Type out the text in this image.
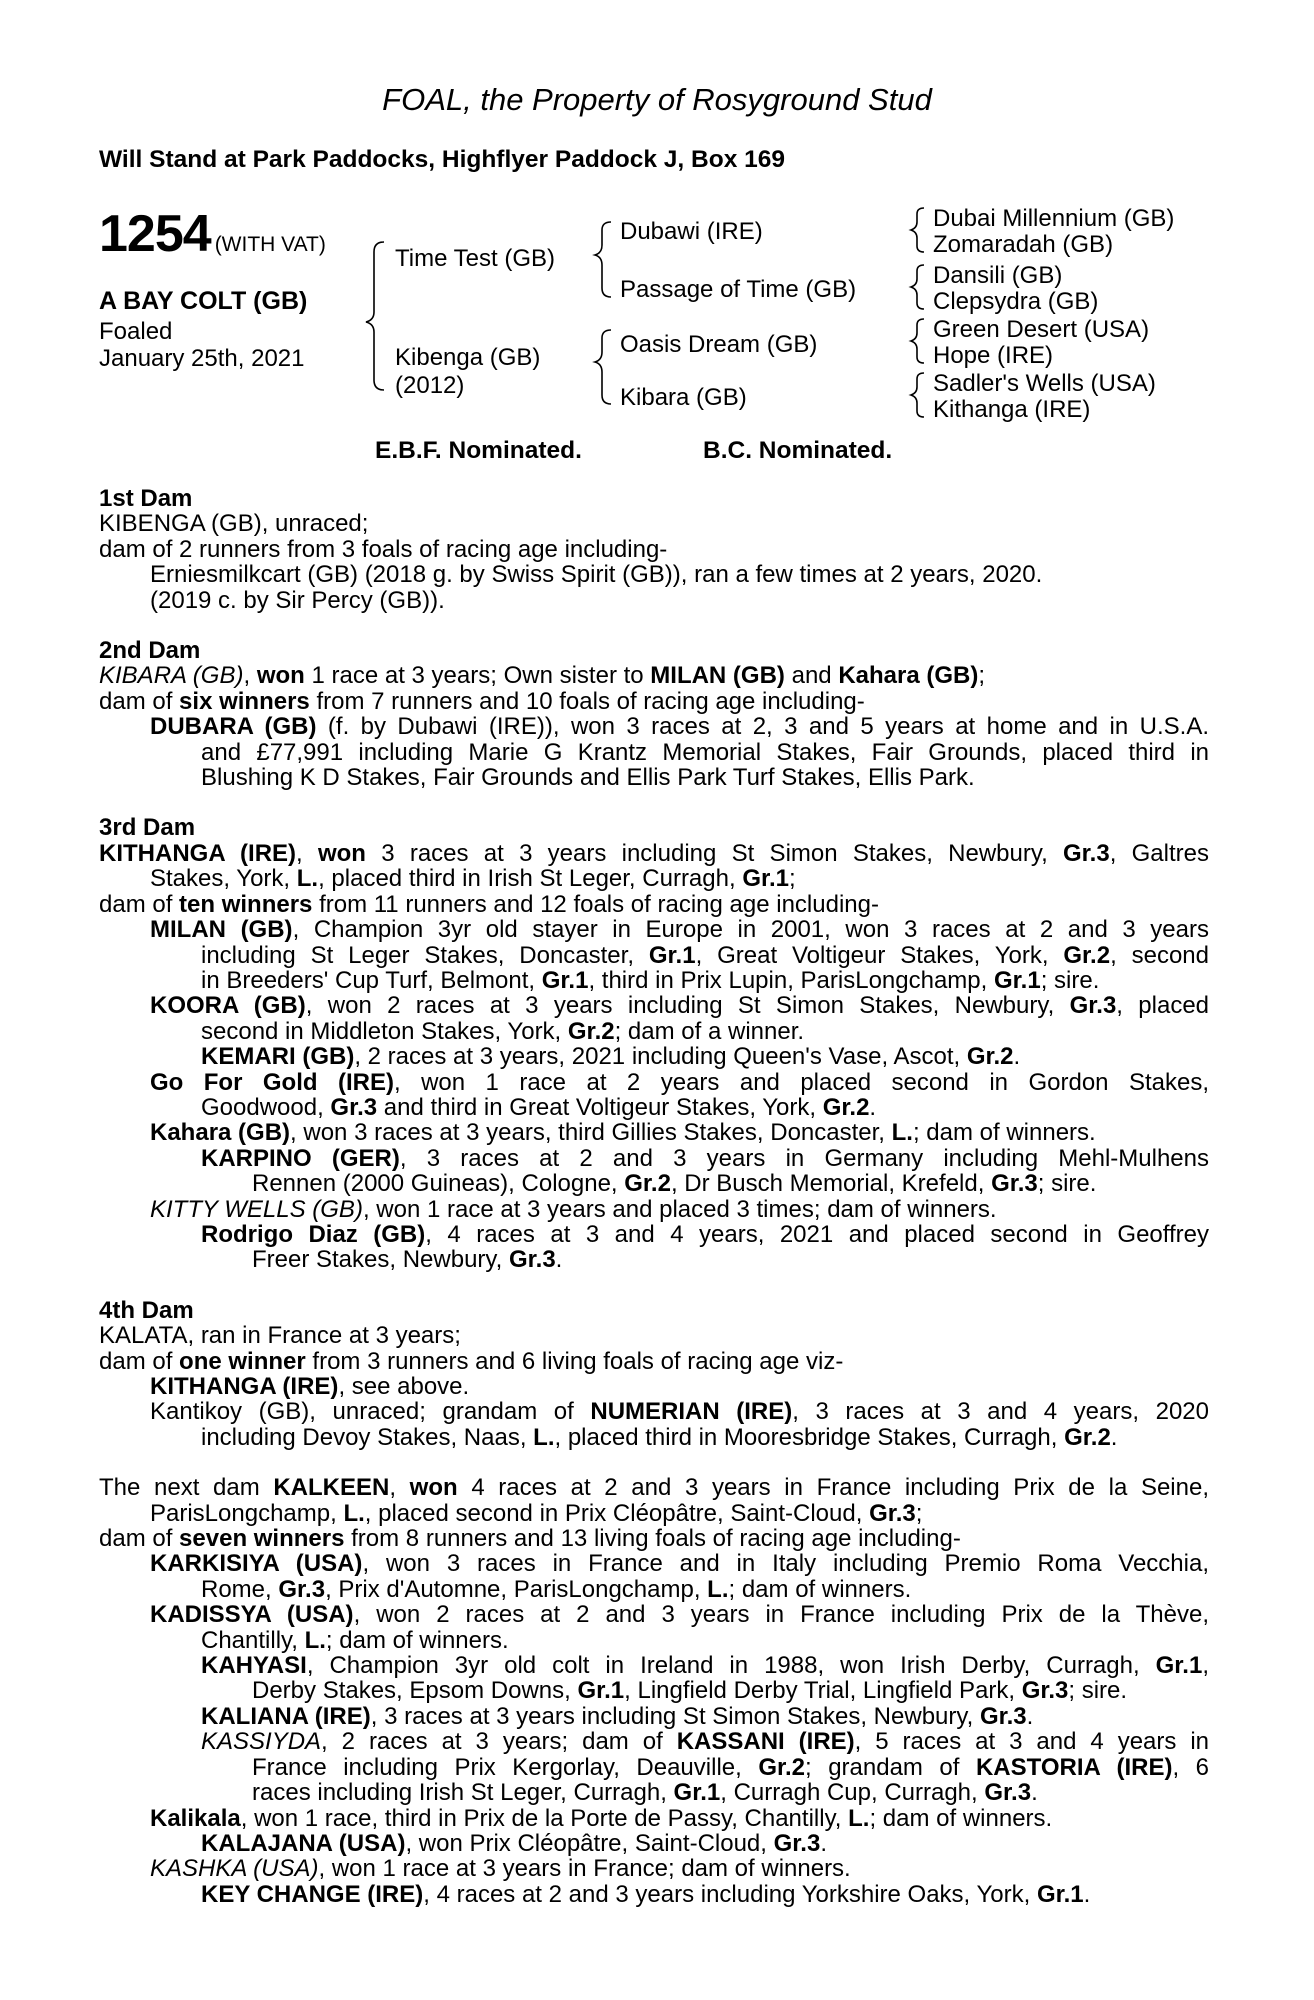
FOAL, the Property of Rosyground Stud
Will Stand at Park Paddocks, Highflyer Paddock J, Box 169
1254 (WITH VAT)
A BAY COLT (GB)
Foaled
January 25th, 2021
Time Test (GB)
Kibenga (GB)
(2012)
Dubawi (IRE)
Passage of Time (GB)
Oasis Dream (GB)
Kibara (GB)
Dubai Millennium (GB)
Zomaradah (GB)
Dansili (GB)
Clepsydra (GB)
Green Desert (USA)
Hope (IRE)
Sadler's Wells (USA)
Kithanga (IRE)
E.B.F. Nominated.	B.C. Nominated.
1st Dam
KIBENGA (GB), unraced;
dam of 2 runners from 3 foals of racing age including-
Erniesmilkcart (GB) (2018 g. by Swiss Spirit (GB)), ran a few times at 2 years, 2020.
(2019 c. by Sir Percy (GB)).
2nd Dam
KIBARA (GB), won 1 race at 3 years; Own sister to MILAN (GB) and Kahara (GB);
dam of six winners from 7 runners and 10 foals of racing age including-
DUBARA (GB) (f. by Dubawi (IRE)), won 3 races at 2, 3 and 5 years at home and in U.S.A.
and £77,991 including Marie G Krantz Memorial Stakes, Fair Grounds, placed third in
Blushing K D Stakes, Fair Grounds and Ellis Park Turf Stakes, Ellis Park.
3rd Dam
KITHANGA (IRE), won 3 races at 3 years including St Simon Stakes, Newbury, Gr.3, Galtres
Stakes, York, L., placed third in Irish St Leger, Curragh, Gr.1;
dam of ten winners from 11 runners and 12 foals of racing age including-
MILAN (GB), Champion 3yr old stayer in Europe in 2001, won 3 races at 2 and 3 years
including St Leger Stakes, Doncaster, Gr.1, Great Voltigeur Stakes, York, Gr.2, second
in Breeders' Cup Turf, Belmont, Gr.1, third in Prix Lupin, ParisLongchamp, Gr.1; sire.
KOORA (GB), won 2 races at 3 years including St Simon Stakes, Newbury, Gr.3, placed
second in Middleton Stakes, York, Gr.2; dam of a winner.
KEMARI (GB), 2 races at 3 years, 2021 including Queen's Vase, Ascot, Gr.2.
Go For Gold (IRE), won 1 race at 2 years and placed second in Gordon Stakes,
Goodwood, Gr.3 and third in Great Voltigeur Stakes, York, Gr.2.
Kahara (GB), won 3 races at 3 years, third Gillies Stakes, Doncaster, L.; dam of winners.
KARPINO (GER), 3 races at 2 and 3 years in Germany including Mehl-Mulhens
Rennen (2000 Guineas), Cologne, Gr.2, Dr Busch Memorial, Krefeld, Gr.3; sire.
KITTY WELLS (GB), won 1 race at 3 years and placed 3 times; dam of winners.
Rodrigo Diaz (GB), 4 races at 3 and 4 years, 2021 and placed second in Geoffrey
Freer Stakes, Newbury, Gr.3.
4th Dam
KALATA, ran in France at 3 years;
dam of one winner from 3 runners and 6 living foals of racing age viz-
KITHANGA (IRE), see above.
Kantikoy (GB), unraced; grandam of NUMERIAN (IRE), 3 races at 3 and 4 years, 2020
including Devoy Stakes, Naas, L., placed third in Mooresbridge Stakes, Curragh, Gr.2.
The next dam KALKEEN, won 4 races at 2 and 3 years in France including Prix de la Seine,
ParisLongchamp, L., placed second in Prix Cléopâtre, Saint-Cloud, Gr.3;
dam of seven winners from 8 runners and 13 living foals of racing age including-
KARKISIYA (USA), won 3 races in France and in Italy including Premio Roma Vecchia,
Rome, Gr.3, Prix d'Automne, ParisLongchamp, L.; dam of winners.
KADISSYA (USA), won 2 races at 2 and 3 years in France including Prix de la Thève,
Chantilly, L.; dam of winners.
KAHYASI, Champion 3yr old colt in Ireland in 1988, won Irish Derby, Curragh, Gr.1,
Derby Stakes, Epsom Downs, Gr.1, Lingfield Derby Trial, Lingfield Park, Gr.3; sire.
KALIANA (IRE), 3 races at 3 years including St Simon Stakes, Newbury, Gr.3.
KASSIYDA, 2 races at 3 years; dam of KASSANI (IRE), 5 races at 3 and 4 years in
France including Prix Kergorlay, Deauville, Gr.2; grandam of KASTORIA (IRE), 6
races including Irish St Leger, Curragh, Gr.1, Curragh Cup, Curragh, Gr.3.
Kalikala, won 1 race, third in Prix de la Porte de Passy, Chantilly, L.; dam of winners.
KALAJANA (USA), won Prix Cléopâtre, Saint-Cloud, Gr.3.
KASHKA (USA), won 1 race at 3 years in France; dam of winners.
KEY CHANGE (IRE), 4 races at 2 and 3 years including Yorkshire Oaks, York, Gr.1.
